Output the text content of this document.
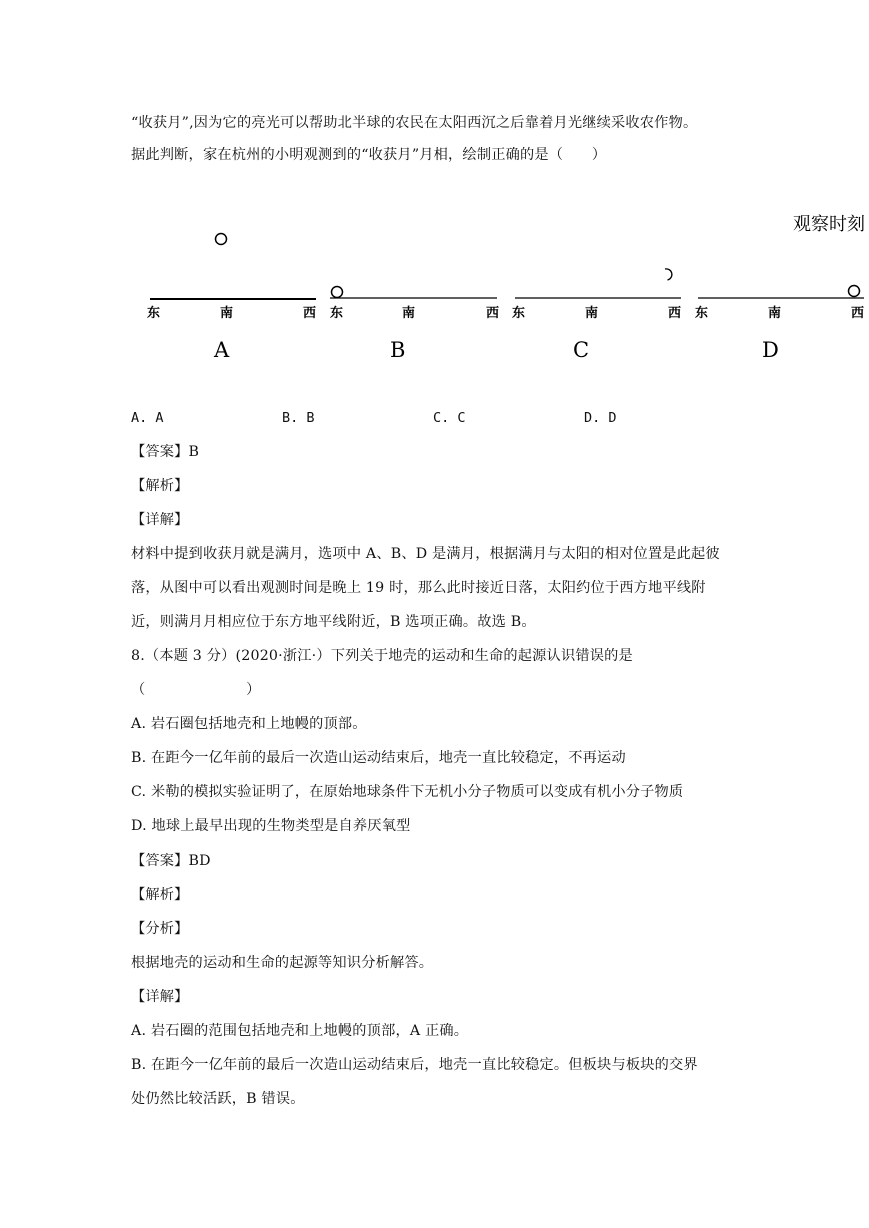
“收获月”,因为它的亮光可以帮助北半球的农民在太阳西沉之后靠着月光继续采收农作物。

据此判断，家在杭州的小明观测到的“收获月”月相，绘制正确的是（　　）

观察时刻
东	南	西
A
东	南	西
B
东	南	西
C
东	南	西
D
A. A	B. B	C. C	D. D

【答案】B

【解析】

【详解】

材料中提到收获月就是满月，选项中 A、B、D 是满月，根据满月与太阳的相对位置是此起彼

落，从图中可以看出观测时间是晚上 19 时，那么此时接近日落，太阳约位于西方地平线附

近，则满月月相应位于东方地平线附近，B 选项正确。故选 B。

8.（本题 3 分）(2020·浙江·）下列关于地壳的运动和生命的起源认识错误的是

（　　　　　　　）

A. 岩石圈包括地壳和上地幔的顶部。

B. 在距今一亿年前的最后一次造山运动结束后，地壳一直比较稳定，不再运动

C. 米勒的模拟实验证明了，在原始地球条件下无机小分子物质可以变成有机小分子物质

D. 地球上最早出现的生物类型是自养厌氧型

【答案】BD

【解析】

【分析】

根据地壳的运动和生命的起源等知识分析解答。

【详解】

A. 岩石圈的范围包括地壳和上地幔的顶部，A 正确。

B. 在距今一亿年前的最后一次造山运动结束后，地壳一直比较稳定。但板块与板块的交界

处仍然比较活跃，B 错误。
